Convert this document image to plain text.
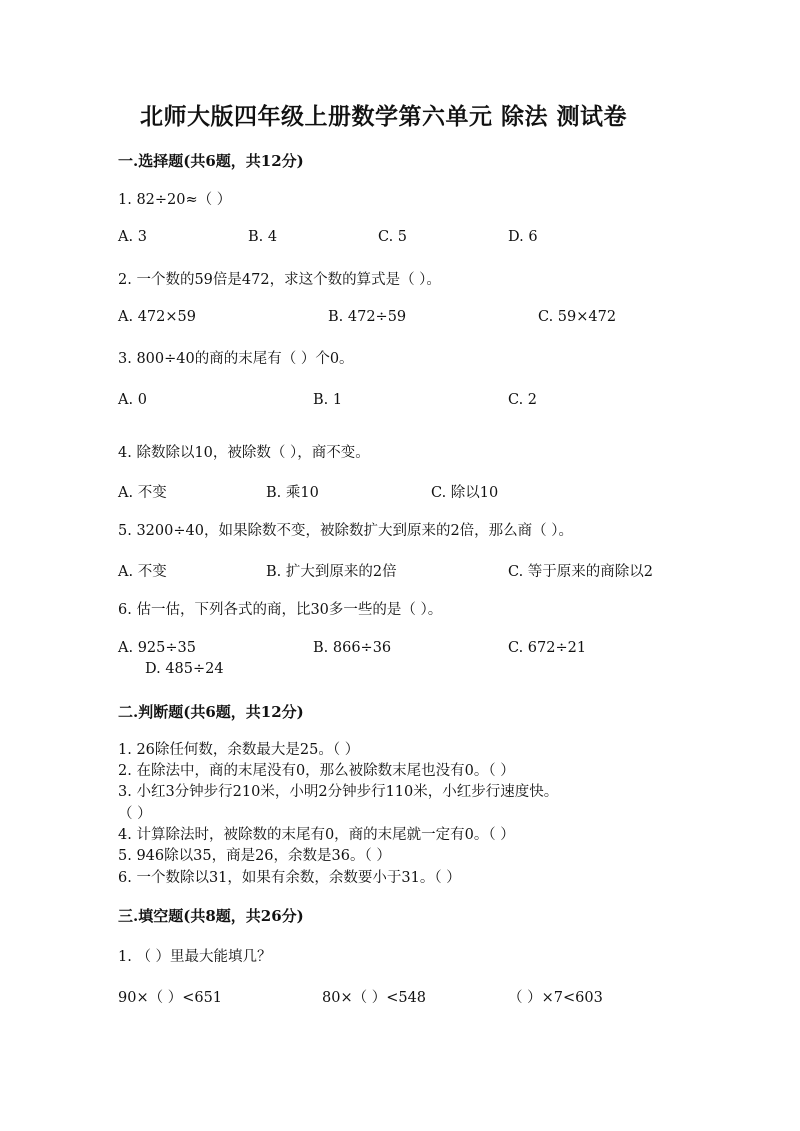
北师大版四年级上册数学第六单元 除法 测试卷
一.选择题(共6题，共12分)
1. 82÷20≈（ ）
A. 3	B. 4	C. 5	D. 6
2. 一个数的59倍是472，求这个数的算式是（ ）。
A. 472×59	B. 472÷59	C. 59×472
3. 800÷40的商的末尾有（ ）个0。
A. 0	B. 1	C. 2
4. 除数除以10，被除数（ ），商不变。
A. 不变	B. 乘10	C. 除以10
5. 3200÷40，如果除数不变，被除数扩大到原来的2倍，那么商（ ）。
A. 不变	B. 扩大到原来的2倍	C. 等于原来的商除以2
6. 估一估，下列各式的商，比30多一些的是（ ）。
A. 925÷35	B. 866÷36	C. 672÷21
D. 485÷24
二.判断题(共6题，共12分)
1. 26除任何数，余数最大是25。（ ）
2. 在除法中，商的末尾没有0，那么被除数末尾也没有0。（ ）
3. 小红3分钟步行210米，小明2分钟步行110米，小红步行速度快。
（ ）
4. 计算除法时，被除数的末尾有0，商的末尾就一定有0。（ ）
5. 946除以35，商是26，余数是36。（ ）
6. 一个数除以31，如果有余数，余数要小于31。（ ）
三.填空题(共8题，共26分)
1. （ ）里最大能填几？
90×（ ）<651	80×（ ）<548	（ ）×7<603
